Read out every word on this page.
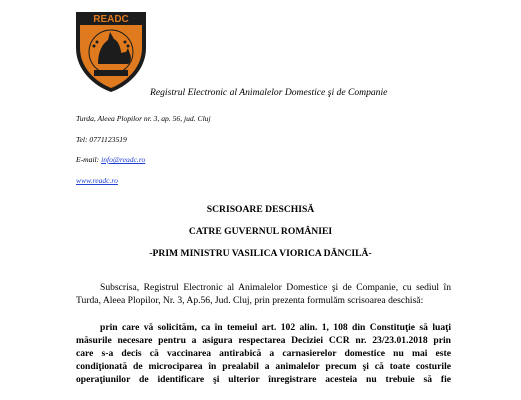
READC
Registrul Electronic al Animalelor Domestice şi de Companie
Turda, Aleea Plopilor nr. 3, ap. 56, jud. Cluj
Tel: 0771123519
E-mail: info@readc.ro
www.readc.ro
SCRISOARE DESCHISĂ
CATRE GUVERNUL ROMÂNIEI
-PRIM MINISTRU VASILICA VIORICA DĂNCILĂ-
Subscrisa, Registrul Electronic al Animalelor Domestice şi de Companie, cu sediul în Turda, Aleea Plopilor, Nr. 3, Ap.56, Jud. Cluj, prin prezenta formulăm scrisoarea deschisă:
prin care vă solicităm, ca în temeiul art. 102 alin. 1, 108 din Constituţie să luaţi
măsurile necesare pentru a asigura respectarea Deciziei CCR nr. 23/23.01.2018 prin
care s-a decis că vaccinarea antirabică a carnasierelor domestice nu mai este
condiţionată de microciparea în prealabil a animalelor precum şi că toate costurile
operaţiunilor de identificare şi ulterior înregistrare acesteia nu trebuie să fie
